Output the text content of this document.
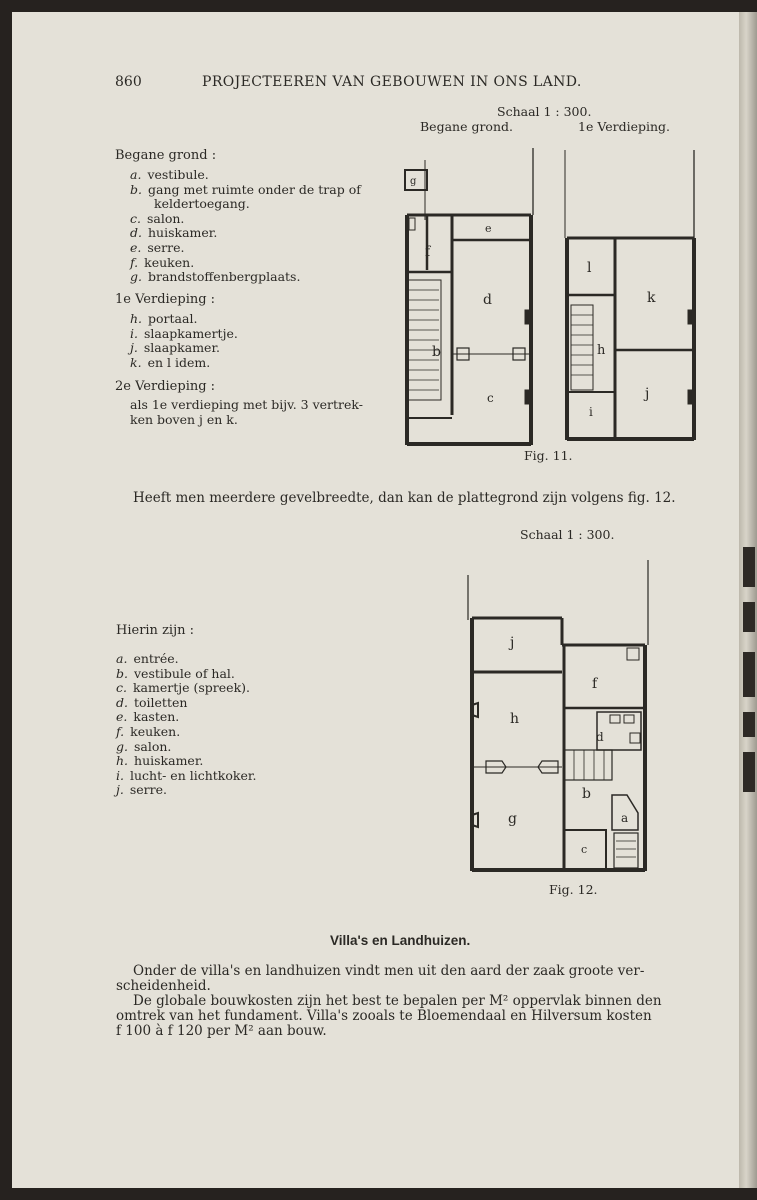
860	PROJECTEEREN VAN GEBOUWEN IN ONS LAND.
Schaal 1 : 300.
Begane grond.	1e Verdieping.
Begane grond :
a. vestibule.
b. gang met ruimte onder de trap of
keldertoegang.
c. salon.
d. huiskamer.
e. serre.
f. keuken.
g. brandstoffenbergplaats.
1e Verdieping :
h. portaal.
i. slaapkamertje.
j. slaapkamer.
k. en l idem.
2e Verdieping :
als 1e verdieping met bijv. 3 vertrek-
ken boven j en k.
g
f
e
d
b
c
l
k
h
j
i
Fig. 11.
Heeft men meerdere gevelbreedte, dan kan de plattegrond zijn volgens fig. 12.
Schaal 1 : 300.
Hierin zijn :
a. entrée.
b. vestibule of hal.
c. kamertje (spreek).
d. toiletten
e. kasten.
f. keuken.
g. salon.
h. huiskamer.
i. lucht- en lichtkoker.
j. serre.
j
f
h
d
b
g	a
c
Fig. 12.
Villa's en Landhuizen.
Onder de villa's en landhuizen vindt men uit den aard der zaak groote ver-
scheidenheid.
De globale bouwkosten zijn het best te bepalen per M² oppervlak binnen den
omtrek van het fundament. Villa's zooals te Bloemendaal en Hilversum kosten
f 100 à f 120 per M² aan bouw.
